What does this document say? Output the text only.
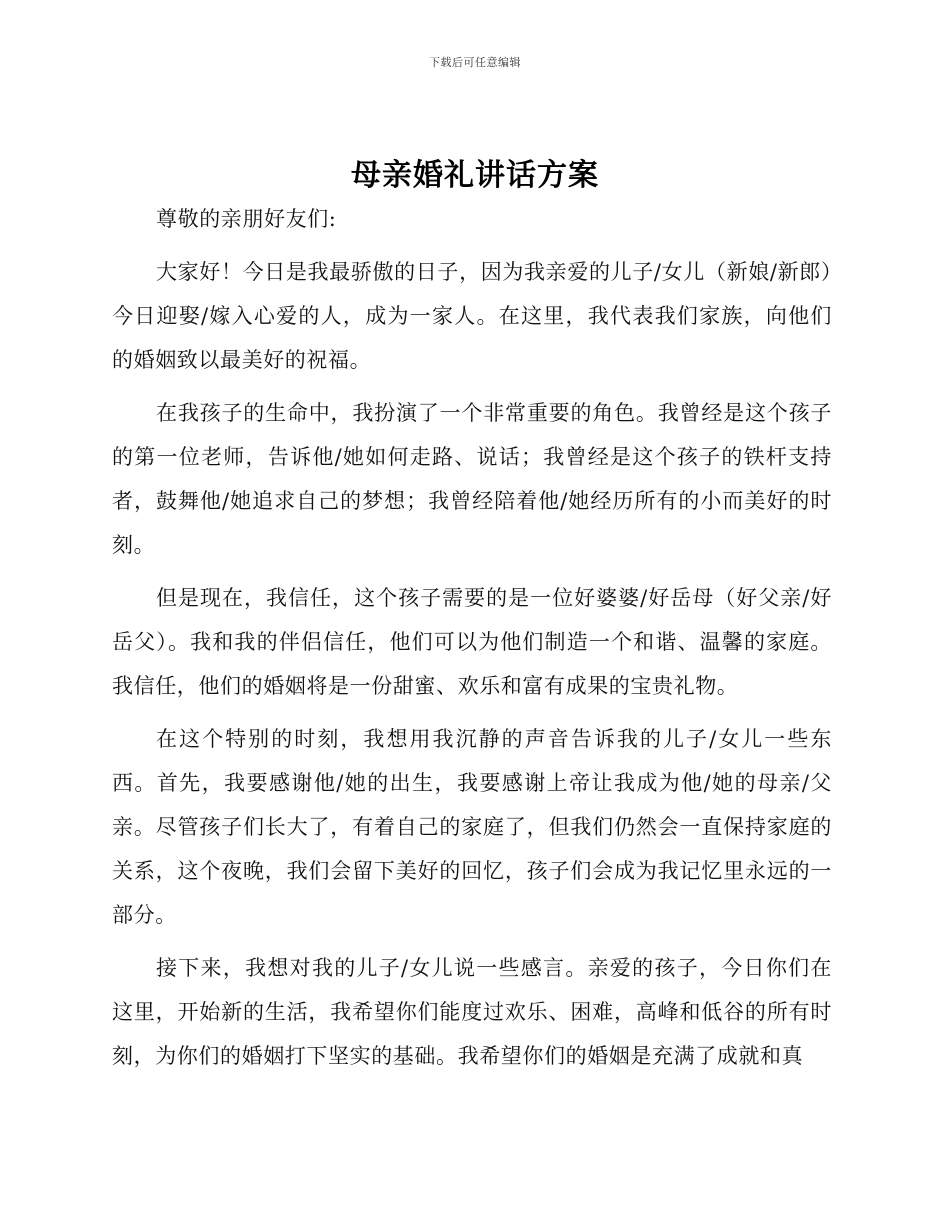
下载后可任意编辑
母亲婚礼讲话方案

尊敬的亲朋好友们:

大家好！今日是我最骄傲的日子，因为我亲爱的儿子/女儿（新娘/新郎）今日迎娶/嫁入心爱的人，成为一家人。在这里，我代表我们家族，向他们的婚姻致以最美好的祝福。

在我孩子的生命中，我扮演了一个非常重要的角色。我曾经是这个孩子的第一位老师，告诉他/她如何走路、说话；我曾经是这个孩子的铁杆支持者，鼓舞他/她追求自己的梦想；我曾经陪着他/她经历所有的小而美好的时刻。

但是现在，我信任，这个孩子需要的是一位好婆婆/好岳母（好父亲/好岳父）。我和我的伴侣信任，他们可以为他们制造一个和谐、温馨的家庭。我信任，他们的婚姻将是一份甜蜜、欢乐和富有成果的宝贵礼物。

在这个特别的时刻，我想用我沉静的声音告诉我的儿子/女儿一些东西。首先，我要感谢他/她的出生，我要感谢上帝让我成为他/她的母亲/父亲。尽管孩子们长大了，有着自己的家庭了，但我们仍然会一直保持家庭的关系，这个夜晚，我们会留下美好的回忆，孩子们会成为我记忆里永远的一部分。

接下来，我想对我的儿子/女儿说一些感言。亲爱的孩子，今日你们在这里，开始新的生活，我希望你们能度过欢乐、困难，高峰和低谷的所有时刻，为你们的婚姻打下坚实的基础。我希望你们的婚姻是充满了成就和真
